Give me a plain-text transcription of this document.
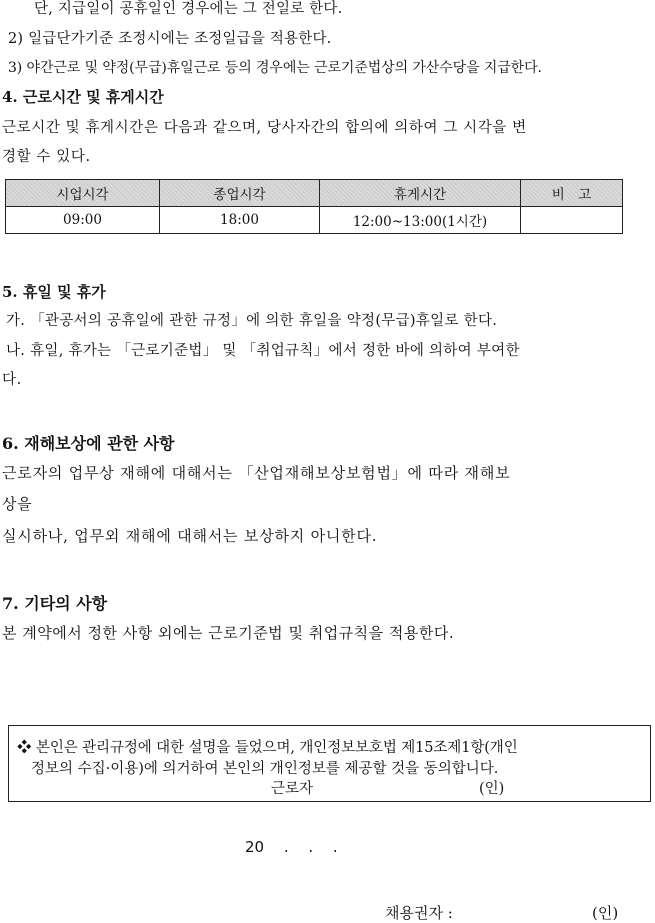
단, 지급일이 공휴일인 경우에는 그 전일로 한다.
2) 일급단가기준 조정시에는 조정일급을 적용한다.
3) 야간근로 및 약정(무급)휴일근로 등의 경우에는 근로기준법상의 가산수당을 지급한다.
4. 근로시간 및 휴게시간
근로시간 및 휴게시간은 다음과 같으며, 당사자간의 합의에 의하여 그 시각을 변
경할 수 있다.
시업시각	종업시각	휴게시간	비　고
09:00	18:00	12:00~13:00(1시간)	
5. 휴일 및 휴가
가. 「관공서의 공휴일에 관한 규정」에 의한 휴일을 약정(무급)휴일로 한다.
나. 휴일, 휴가는 「근로기준법」 및 「취업규칙」에서 정한 바에 의하여 부여한
다.
6. 재해보상에 관한 사항
근로자의 업무상 재해에 대해서는 「산업재해보상보험법」에 따라 재해보
상을
실시하나, 업무외 재해에 대해서는 보상하지 아니한다.
7. 기타의 사항
본 계약에서 정한 사항 외에는 근로기준법 및 취업규칙을 적용한다.
❖ 본인은 관리규정에 대한 설명을 들었으며, 개인정보보호법 제15조제1항(개인
정보의 수집·이용)에 의거하여 본인의 개인정보를 제공할 것을 동의합니다.
근로자	(인)
20　 .　 .　 .
채용권자 :	(인)
